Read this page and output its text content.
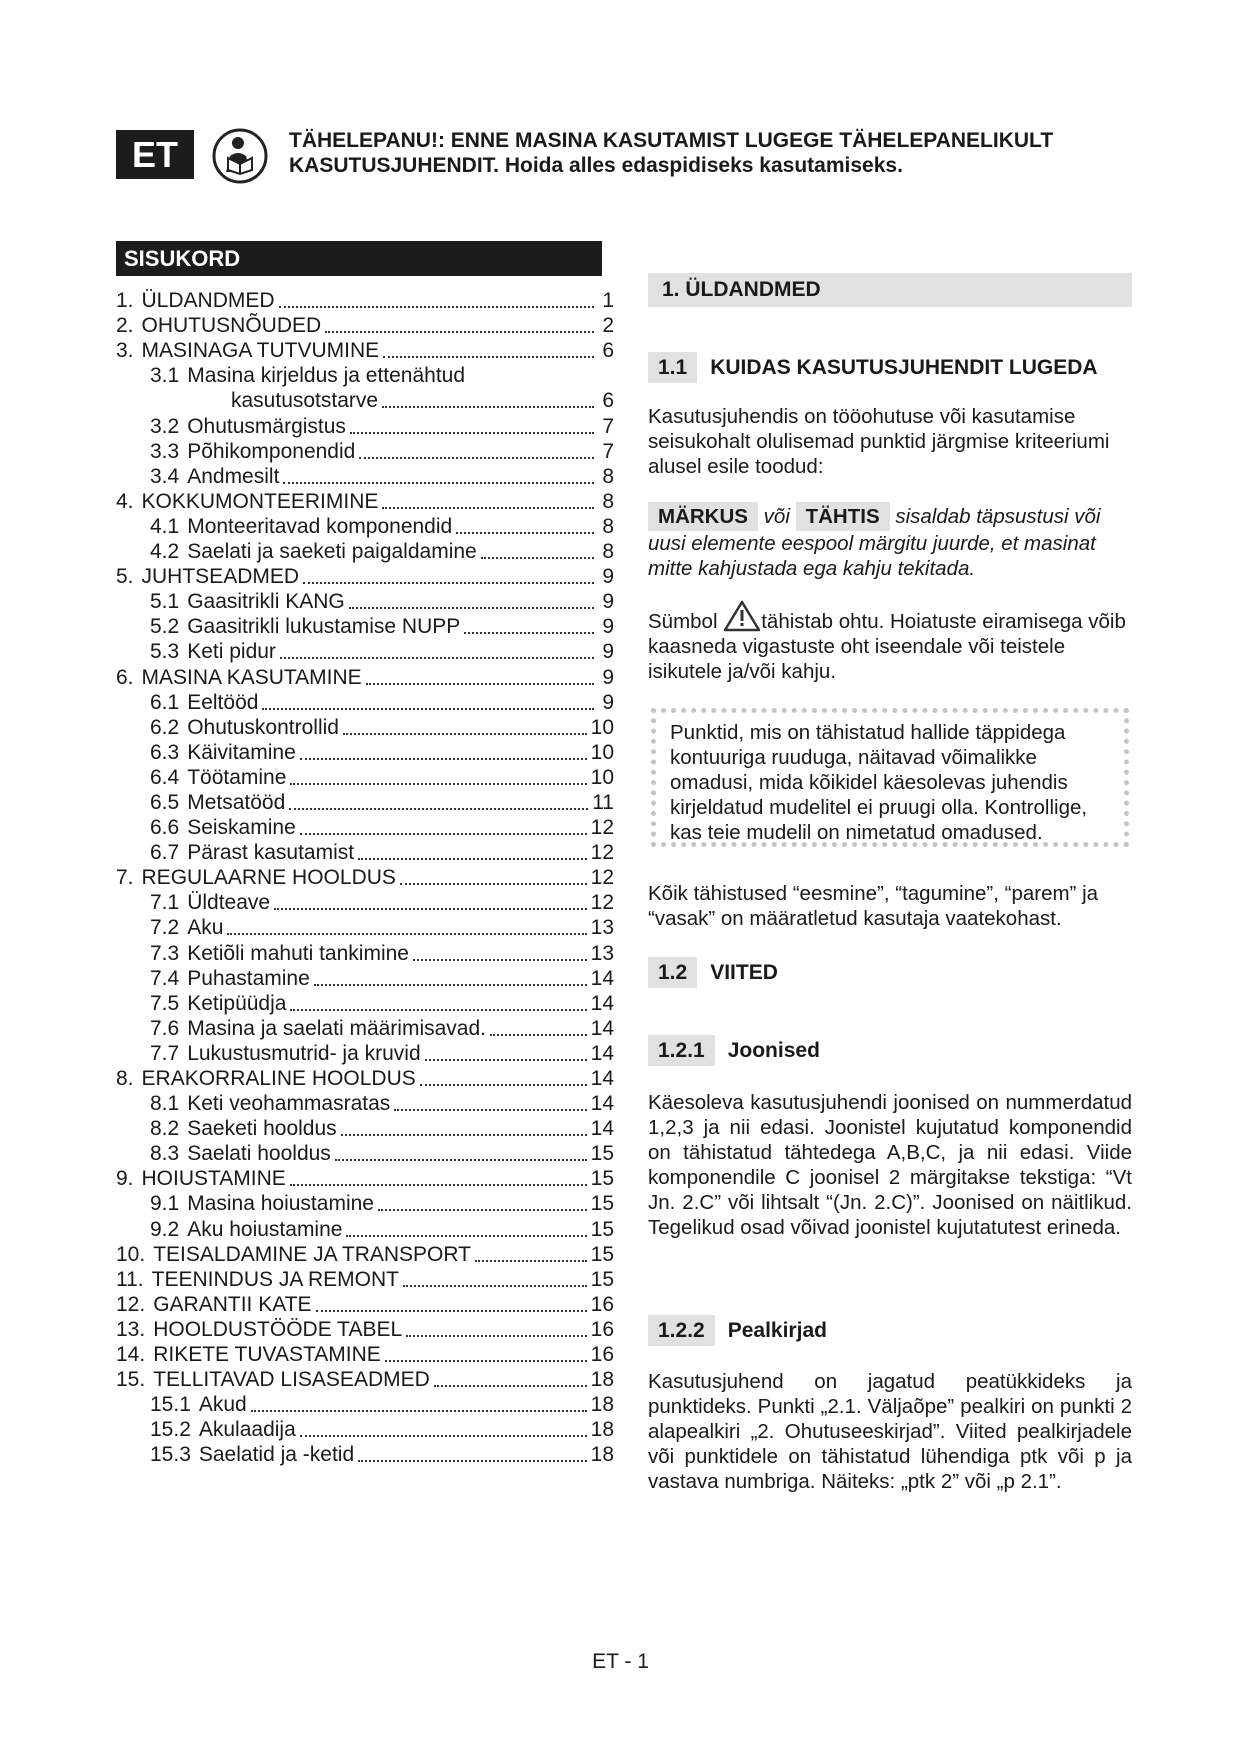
ET	TÄHELEPANU!: ENNE MASINA KASUTAMIST LUGEGE TÄHELEPANELIKULT
KASUTUSJUHENDIT. Hoida alles edaspidiseks kasutamiseks.
SISUKORD
1. ÜLDANDMED	1
2. OHUTUSNÕUDED	2
3. MASINAGA TUTVUMINE	6
3.1 Masina kirjeldus ja ettenähtud
kasutusotstarve	6
3.2 Ohutusmärgistus	7
3.3 Põhikomponendid	7
3.4 Andmesilt	8
4. KOKKUMONTEERIMINE	8
4.1 Monteeritavad komponendid	8
4.2 Saelati ja saeketi paigaldamine	8
5. JUHTSEADMED	9
5.1 Gaasitrikli KANG	9
5.2 Gaasitrikli lukustamise NUPP	9
5.3 Keti pidur	9
6. MASINA KASUTAMINE	9
6.1 Eeltööd	9
6.2 Ohutuskontrollid	10
6.3 Käivitamine	10
6.4 Töötamine	10
6.5 Metsatööd	11
6.6 Seiskamine	12
6.7 Pärast kasutamist	12
7. REGULAARNE HOOLDUS	12
7.1 Üldteave	12
7.2 Aku	13
7.3 Ketiõli mahuti tankimine	13
7.4 Puhastamine	14
7.5 Ketipüüdja	14
7.6 Masina ja saelati määrimisavad.	14
7.7 Lukustusmutrid- ja kruvid	14
8. ERAKORRALINE HOOLDUS	14
8.1 Keti veohammasratas	14
8.2 Saeketi hooldus	14
8.3 Saelati hooldus	15
9. HOIUSTAMINE	15
9.1 Masina hoiustamine	15
9.2 Aku hoiustamine	15
10. TEISALDAMINE JA TRANSPORT	15
11. TEENINDUS JA REMONT	15
12. GARANTII KATE	16
13. HOOLDUSTÖÖDE TABEL	16
14. RIKETE TUVASTAMINE	16
15. TELLITAVAD LISASEADMED	18
15.1 Akud	18
15.2 Akulaadija	18
15.3 Saelatid ja -ketid	18
1. ÜLDANDMED
1.1	KUIDAS KASUTUSJUHENDIT LUGEDA

Kasutusjuhendis on tööohutuse või kasutamise seisukohalt olulisemad punktid järgmise kriteeriumi alusel esile toodud:

MÄRKUS või TÄHTIS sisaldab täpsustusi või uusi elemente eespool märgitu juurde, et masinat mitte kahjustada ega kahju tekitada.

Sümbol tähistab ohtu. Hoiatuste eiramisega võib kaasneda vigastuste oht iseendale või teistele isikutele ja/või kahju.

Punktid, mis on tähistatud hallide täppidega kontuuriga ruuduga, näitavad võimalikke omadusi, mida kõikidel käesolevas juhendis kirjeldatud mudelitel ei pruugi olla. Kontrollige, kas teie mudelil on nimetatud omadused.

Kõik tähistused “eesmine”, “tagumine”, “parem” ja “vasak” on määratletud kasutaja vaatekohast.

1.2	VIITED
1.2.1	Joonised

Käesoleva kasutusjuhendi joonised on nummerdatud 1,2,3 ja nii edasi. Joonistel kujutatud komponendid on tähistatud tähtedega A,B,C, ja nii edasi. Viide komponendile C joonisel 2 märgitakse tekstiga: “Vt Jn. 2.C” või lihtsalt “(Jn. 2.C)”. Joonised on näitlikud. Tegelikud osad võivad joonistel kujutatutest erineda.

1.2.2	Pealkirjad

Kasutusjuhend on jagatud peatükkideks ja punktideks. Punkti „2.1. Väljaõpe” pealkiri on punkti 2 alapealkiri „2. Ohutuseeskirjad”. Viited pealkirjadele või punktidele on tähistatud lühendiga ptk või p ja vastava numbriga. Näiteks: „ptk 2” või „p 2.1”.

ET - 1
